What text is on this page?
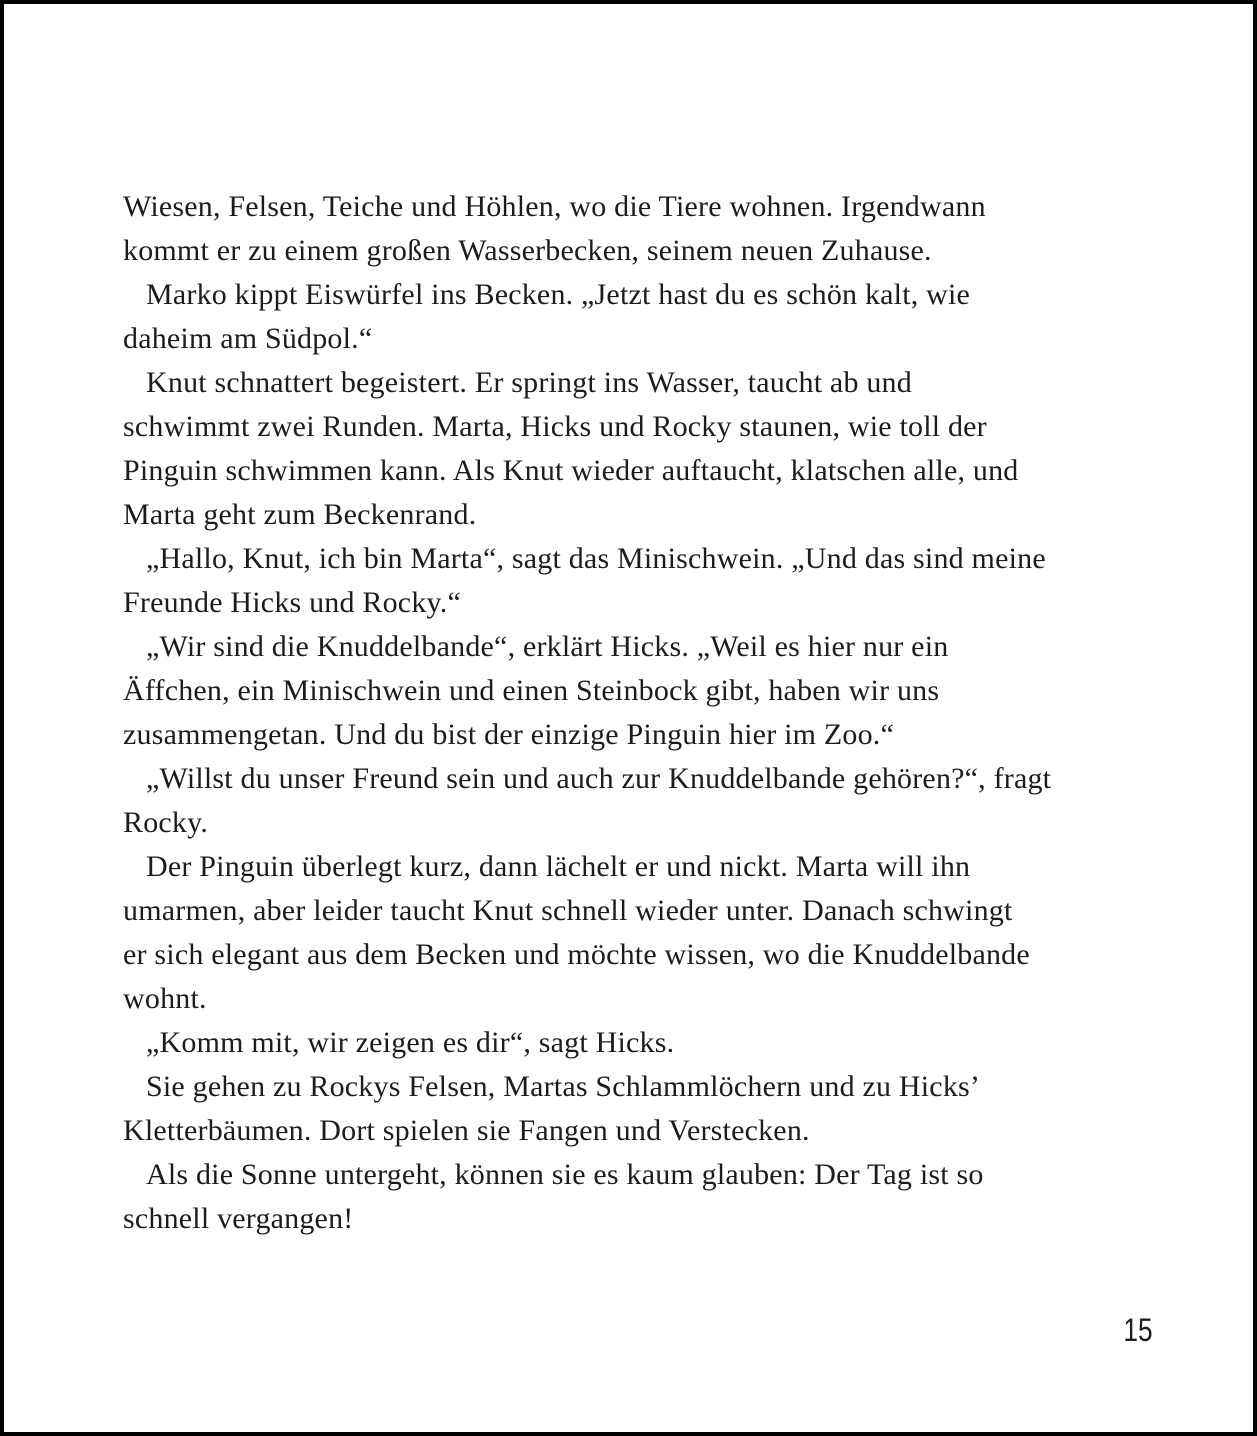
Wiesen, Felsen, Teiche und Höhlen, wo die Tiere wohnen. Irgendwann
kommt er zu einem großen Wasserbecken, seinem neuen Zuhause.
Marko kippt Eiswürfel ins Becken. „Jetzt hast du es schön kalt, wie
daheim am Südpol.“
Knut schnattert begeistert. Er springt ins Wasser, taucht ab und
schwimmt zwei Runden. Marta, Hicks und Rocky staunen, wie toll der
Pinguin schwimmen kann. Als Knut wieder auftaucht, klatschen alle, und
Marta geht zum Beckenrand.
„Hallo, Knut, ich bin Marta“, sagt das Minischwein. „Und das sind meine
Freunde Hicks und Rocky.“
„Wir sind die Knuddelbande“, erklärt Hicks. „Weil es hier nur ein
Äffchen, ein Minischwein und einen Steinbock gibt, haben wir uns
zusammengetan. Und du bist der einzige Pinguin hier im Zoo.“
„Willst du unser Freund sein und auch zur Knuddelbande gehören?“, fragt
Rocky.
Der Pinguin überlegt kurz, dann lächelt er und nickt. Marta will ihn
umarmen, aber leider taucht Knut schnell wieder unter. Danach schwingt
er sich elegant aus dem Becken und möchte wissen, wo die Knuddelbande
wohnt.
„Komm mit, wir zeigen es dir“, sagt Hicks.
Sie gehen zu Rockys Felsen, Martas Schlammlöchern und zu Hicks’
Kletterbäumen. Dort spielen sie Fangen und Verstecken.
Als die Sonne untergeht, können sie es kaum glauben: Der Tag ist so
schnell vergangen!
15
